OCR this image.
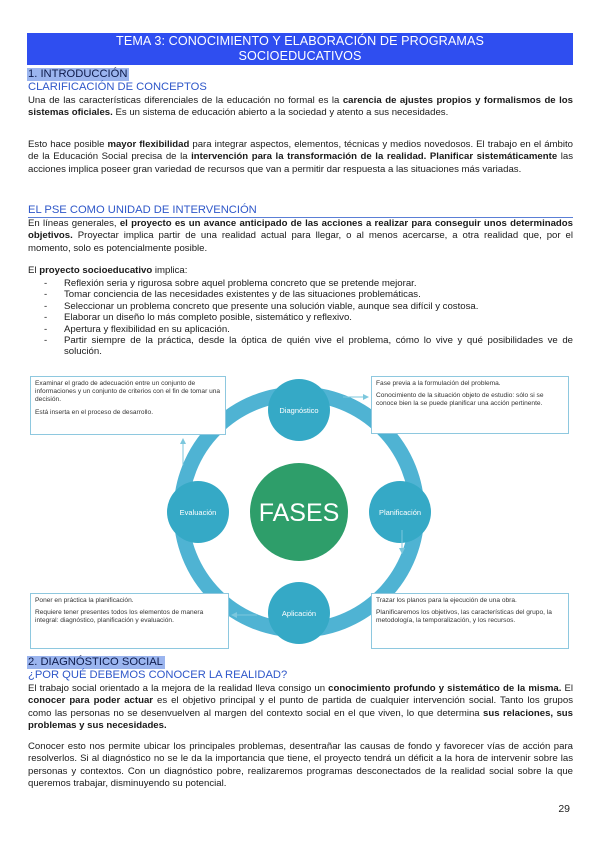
TEMA 3: CONOCIMIENTO Y ELABORACIÓN DE PROGRAMAS
SOCIOEDUCATIVOS
1. INTRODUCCIÓN
CLARIFICACIÓN DE CONCEPTOS
Una de las características diferenciales de la educación no formal es la carencia de ajustes propios y formalismos de los sistemas oficiales. Es un sistema de educación abierto a la sociedad y atento a sus necesidades.
Esto hace posible mayor flexibilidad para integrar aspectos, elementos, técnicas y medios novedosos. El trabajo en el ámbito de la Educación Social precisa de la intervención para la transformación de la realidad. Planificar sistemáticamente las acciones implica poseer gran variedad de recursos que van a permitir dar respuesta a las situaciones más variadas.
EL PSE COMO UNIDAD DE INTERVENCIÓN
En líneas generales, el proyecto es un avance anticipado de las acciones a realizar para conseguir unos determinados objetivos. Proyectar implica partir de una realidad actual para llegar, o al menos acercarse, a otra realidad que, por el momento, solo es potencialmente posible.
El proyecto socioeducativo implica:
- Reflexión seria y rigurosa sobre aquel problema concreto que se pretende mejorar.
- Tomar conciencia de las necesidades existentes y de las situaciones problemáticas.
- Seleccionar un problema concreto que presente una solución viable, aunque sea difícil y costosa.
- Elaborar un diseño lo más completo posible, sistemático y reflexivo.
- Apertura y flexibilidad en su aplicación.
- Partir siempre de la práctica, desde la óptica de quién vive el problema, cómo lo vive y qué posibilidades ve de solución.
FASES
Diagnóstico
Planificación
Aplicación
Evaluación

Examinar el grado de adecuación entre un conjunto de informaciones y un conjunto de criterios con el fin de tomar una decisión.

Está inserta en el proceso de desarrollo.

Fase previa a la formulación del problema.

Conocimiento de la situación objeto de estudio: sólo si se conoce bien la se puede planificar una acción pertinente.

Poner en práctica la planificación.

Requiere tener presentes todos los elementos de manera integral: diagnóstico, planificación y evaluación.

Trazar los planos para la ejecución de una obra.

Planificaremos los objetivos, las características del grupo, la metodología, la temporalización, y los recursos.

2. DIAGNÓSTICO SOCIAL
¿POR QUÉ DEBEMOS CONOCER LA REALIDAD?
El trabajo social orientado a la mejora de la realidad lleva consigo un conocimiento profundo y sistemático de la misma. El conocer para poder actuar es el objetivo principal y el punto de partida de cualquier intervención social. Tanto los grupos como las personas no se desenvuelven al margen del contexto social en el que viven, lo que determina sus relaciones, sus problemas y sus necesidades.
Conocer esto nos permite ubicar los principales problemas, desentrañar las causas de fondo y favorecer vías de acción para resolverlos. Si al diagnóstico no se le da la importancia que tiene, el proyecto tendrá un déficit a la hora de intervenir sobre las personas y contextos. Con un diagnóstico pobre, realizaremos programas desconectados de la realidad social sobre la que queremos trabajar, disminuyendo su potencial.
29
